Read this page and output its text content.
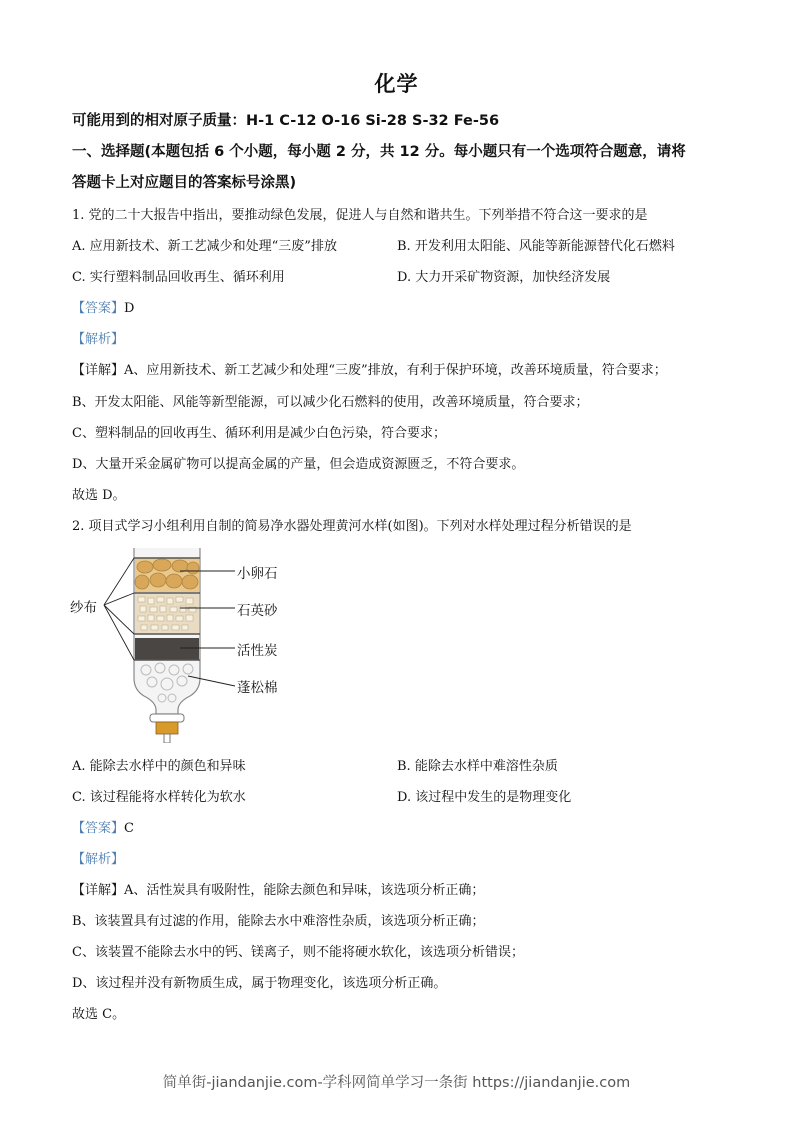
化学
可能用到的相对原子质量：H-1 C-12 O-16 Si-28 S-32 Fe-56
一、选择题(本题包括 6 个小题，每小题 2 分，共 12 分。每小题只有一个选项符合题意，请将
答题卡上对应题目的答案标号涂黑)
1. 党的二十大报告中指出，要推动绿色发展，促进人与自然和谐共生。下列举措不符合这一要求的是
A. 应用新技术、新工艺减少和处理“三废”排放	B. 开发利用太阳能、风能等新能源替代化石燃料
C. 实行塑料制品回收再生、循环利用	D. 大力开采矿物资源，加快经济发展
【答案】D
【解析】
【详解】A、应用新技术、新工艺减少和处理“三废”排放，有利于保护环境，改善环境质量，符合要求；
B、开发太阳能、风能等新型能源，可以减少化石燃料的使用，改善环境质量，符合要求；
C、塑料制品的回收再生、循环利用是减少白色污染，符合要求；
D、大量开采金属矿物可以提高金属的产量，但会造成资源匮乏，不符合要求。
故选 D。
2. 项目式学习小组利用自制的简易净水器处理黄河水样(如图)。下列对水样处理过程分析错误的是
纱布
小卵石
石英砂
活性炭
蓬松棉
A. 能除去水样中的颜色和异味	B. 能除去水样中难溶性杂质
C. 该过程能将水样转化为软水	D. 该过程中发生的是物理变化
【答案】C
【解析】
【详解】A、活性炭具有吸附性，能除去颜色和异味，该选项分析正确；
B、该装置具有过滤的作用，能除去水中难溶性杂质，该选项分析正确；
C、该装置不能除去水中的钙、镁离子，则不能将硬水软化，该选项分析错误；
D、该过程并没有新物质生成，属于物理变化，该选项分析正确。
故选 C。
简单街-jiandanjie.com-学科网简单学习一条街 https://jiandanjie.com
